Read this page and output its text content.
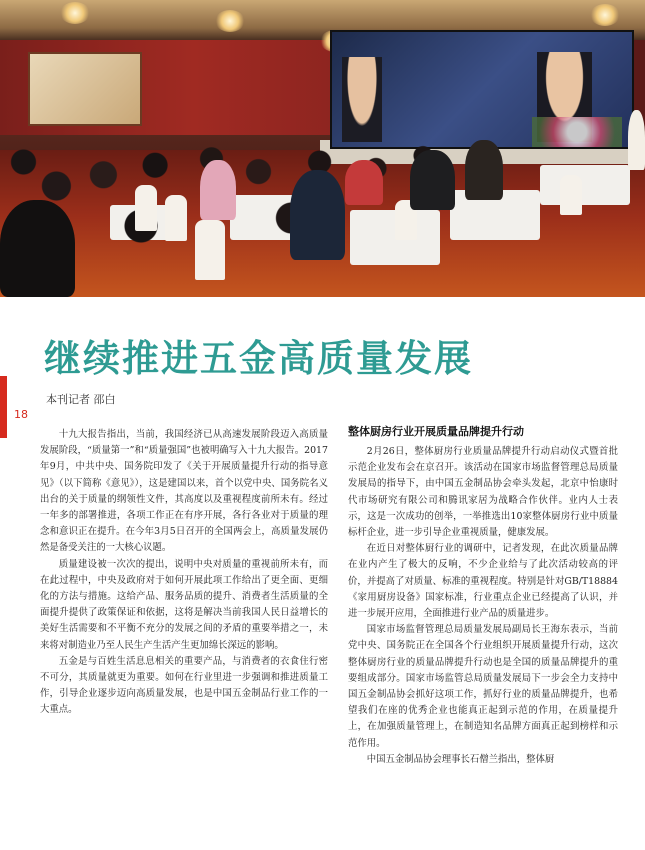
继续推进五金高质量发展
本刊记者 邵白
18

十九大报告指出，当前，我国经济已从高速发展阶段迈入高质量发展阶段，“质量第一”和“质量强国”也被明确写入十九大报告。2017年9月，中共中央、国务院印发了《关于开展质量提升行动的指导意见》（以下简称《意见》），这是建国以来，首个以党中央、国务院名义出台的关于质量的纲领性文件，其高度以及重视程度前所未有。经过一年多的部署推进，各项工作正在有序开展，各行各业对于质量的理念和意识正在提升。在今年3月5日召开的全国两会上，高质量发展仍然是备受关注的一大核心议题。

质量建设被一次次的提出，说明中央对质量的重视前所未有，而在此过程中，中央及政府对于如何开展此项工作给出了更全面、更细化的方法与措施。这给产品、服务品质的提升、消费者生活质量的全面提升提供了政策保证和依据，这将是解决当前我国人民日益增长的美好生活需要和不平衡不充分的发展之间的矛盾的重要举措之一，未来将对制造业乃至人民生产生活产生更加绵长深远的影响。

五金是与百姓生活息息相关的重要产品，与消费者的衣食住行密不可分，其质量就更为重要。如何在行业里进一步强调和推进质量工作，引导企业逐步迈向高质量发展，也是中国五金制品行业工作的一大重点。

整体厨房行业开展质量品牌提升行动

2月26日，整体厨房行业质量品牌提升行动启动仪式暨首批示范企业发布会在京召开。该活动在国家市场监督管理总局质量发展局的指导下，由中国五金制品协会牵头发起，北京中怡康时代市场研究有限公司和腾讯家居为战略合作伙伴。业内人士表示，这是一次成功的创举，一举推选出10家整体厨房行业中质量标杆企业，进一步引导企业重视质量，健康发展。

在近日对整体厨行业的调研中，记者发现，在此次质量品牌在业内产生了极大的反响，不少企业给与了此次活动较高的评价，并提高了对质量、标准的重视程度。特别是针对GB/T18884《家用厨房设备》国家标准，行业重点企业已经提高了认识，并进一步展开应用，全面推进行业产品的质量进步。

国家市场监督管理总局质量发展局副局长王海东表示，当前党中央、国务院正在全国各个行业组织开展质量提升行动，这次整体厨房行业的质量品牌提升行动也是全国的质量品牌提升的重要组成部分。国家市场监管总局质量发展局下一步会全力支持中国五金制品协会抓好这项工作，抓好行业的质量品牌提升，也希望我们在座的优秀企业也能真正起到示范的作用，在质量提升上，在加强质量管理上，在制造知名品牌方面真正起到榜样和示范作用。

中国五金制品协会理事长石僧兰指出，整体厨
